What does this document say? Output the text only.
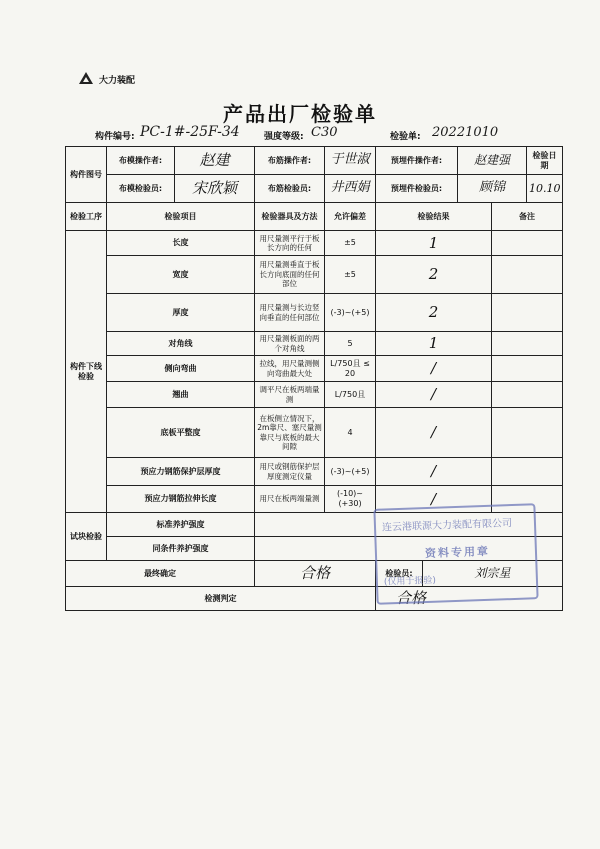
大力装配
产品出厂检验单
构件编号: PC-1#-25F-34	强度等级: C30	检验单: 20221010
构件图号	布模操作者:	赵建	布筋操作者:	于世淑	预埋件操作者:		赵建强		检验日期
	布模检验员:	宋欣颖	布筋检验员:	井西娟	预埋件检验员:		顾锦		10.10
检验工序	检验项目		检验器具及方法	允许偏差	检验结果			备注	
构件下线检验	长度		用尺量测平行于板长方向的任何	±5	1				
	宽度		用尺量测垂直于板长方向底面的任何部位	±5	2				
	厚度		用尺量测与长边竖向垂直的任何部位	(-3)~(+5)	2				
	对角线		用尺量测板面的两个对角线	5	1				
	侧向弯曲		拉线，用尺量测侧向弯曲最大处	L/750且 ≤ 20	/				
	翘曲		调平尺在板两端量测	L/750且	/				
	底板平整度		在板侧立情况下，2m靠尺、塞尺量测靠尺与底板的最大间隙	4	/				
	预应力钢筋保护层厚度		用尺或钢筋保护层厚度测定仪量	(-3)~(+5)	/				
	预应力钢筋拉伸长度		用尺在板两端量测	(-10)~(+30)	/				
试块检验	标准养护强度								
	同条件养护强度								
最终确定			合格		检验员:	刘宗星			
检测判定					合格				
连云港联源大力装配有限公司
资料专用章
(仅用于报验)
